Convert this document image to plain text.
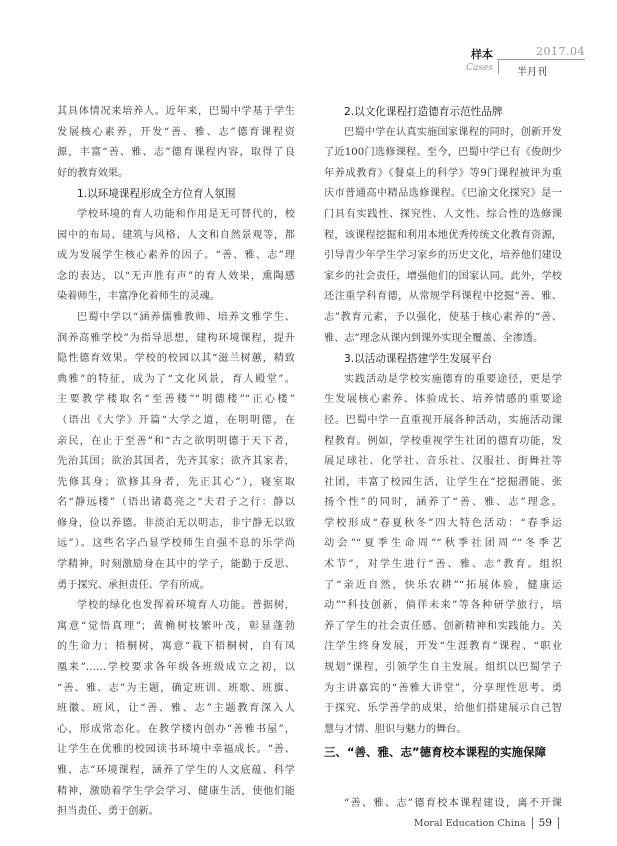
样本	2017.04
Cases 半月刊
其具体情况来培养人。近年来，巴蜀中学基于学生
发展核心素养，开发“善、雅、志”德育课程资
源，丰富“善、雅、志”德育课程内容，取得了良
好的教育效果。
1.以环境课程形成全方位育人氛围
学校环境的育人功能和作用是无可替代的，校
园中的布局、建筑与风格、人文和自然景观等，都
成为发展学生核心素养的因子。“善、雅、志”理
念的表达，以“无声胜有声”的育人效果，熏陶感
染着师生，丰富净化着师生的灵魂。
巴蜀中学以“涵养儒雅教师、培养文雅学生、
润养高雅学校”为指导思想，建构环境课程，提升
隐性德育效果。学校的校园以其“滋兰树蕙，精致
典雅”的特征，成为了“文化风景，育人殿堂”。
主要教学楼取名“至善楼”“明德楼”“正心楼”
（语出《大学》开篇“大学之道，在明明德，在
亲民，在止于至善”和“古之欲明明德于天下者，
先治其国；欲治其国者，先齐其家；欲齐其家者，
先修其身；欲修其身者，先正其心”），寝室取
名“静远楼”（语出诸葛亮之“夫君子之行：静以
修身，俭以养德。非淡泊无以明志，非宁静无以致
远”）。这些名字凸显学校师生自强不息的乐学尚
学精神，时刻激励身在其中的学子，能勤于反思、
勇于探究、承担责任、学有所成。
学校的绿化也发挥着环境育人功能。普据树，
寓意“觉悟真理”；黄桷树枝繁叶茂，彰显蓬勃
的生命力；梧桐树，寓意“栽下梧桐树，自有凤
凰来”……学校要求各年级各班级成立之初，以
“善、雅、志”为主题，确定班训、班歌、班旗、
班徽、班风，让“善、雅、志”主题教育深入人
心，形成常态化。在教学楼内创办“善雅书屋”，
让学生在优雅的校园读书环境中幸福成长。“善、
雅、志”环境课程，涵养了学生的人文底蕴、科学
精神，激励着学生学会学习、健康生活，使他们能
担当责任、勇于创新。
2.以文化课程打造德育示范性品牌
巴蜀中学在认真实施国家课程的同时，创新开发
了近100门选修课程。至今，巴蜀中学已有《俊朗少
年养成教育》《餐桌上的科学》等9门课程被评为重
庆市普通高中精品选修课程。《巴渝文化探究》是一
门具有实践性、探究性、人文性、综合性的选修课
程，该课程挖掘和利用本地优秀传统文化教育资源，
引导青少年学生学习家乡的历史文化，培养他们建设
家乡的社会责任，增强他们的国家认同。此外，学校
还注重学科育德，从常规学科课程中挖掘“善、雅、
志”教育元素，予以强化，使基于核心素养的“善、
雅、志”理念从课内到课外实现全覆盖、全渗透。
3.以活动课程搭建学生发展平台
实践活动是学校实施德育的重要途径，更是学
生发展核心素养、体验成长、培养情感的重要途
径。巴蜀中学一直重视开展各种活动，实施活动课
程教育。例如，学校重视学生社团的德育功能，发
展足球社、化学社、音乐社、汉服社、街舞社等
社团，丰富了校园生活，让学生在“挖掘潜能、张
扬个性”的同时，涵养了“善、雅、志”理念。
学校形成“春夏秋冬”四大特色活动：“春季运
动会”“夏季生命周”“秋季社团周”“冬季艺
术节”，对学生进行“善、雅、志”教育。组织
了“亲近自然，快乐农耕”“拓展体验，健康运
动”“科技创新，倘徉未来”等各种研学旅行，培
养了学生的社会责任感、创新精神和实践能力。关
注学生终身发展，开发“生涯教育”课程、“职业
规划”课程，引领学生自主发展。组织以巴蜀学子
为主讲嘉宾的“善雅大讲堂”，分享理性思考、勇
于探究、乐学善学的成果，给他们搭建展示自己智
慧与才情、胆识与魅力的舞台。
三、“善、雅、志”德育校本课程的实施保障
“善、雅、志”德育校本课程建设，离不开课
Moral Education China 59
